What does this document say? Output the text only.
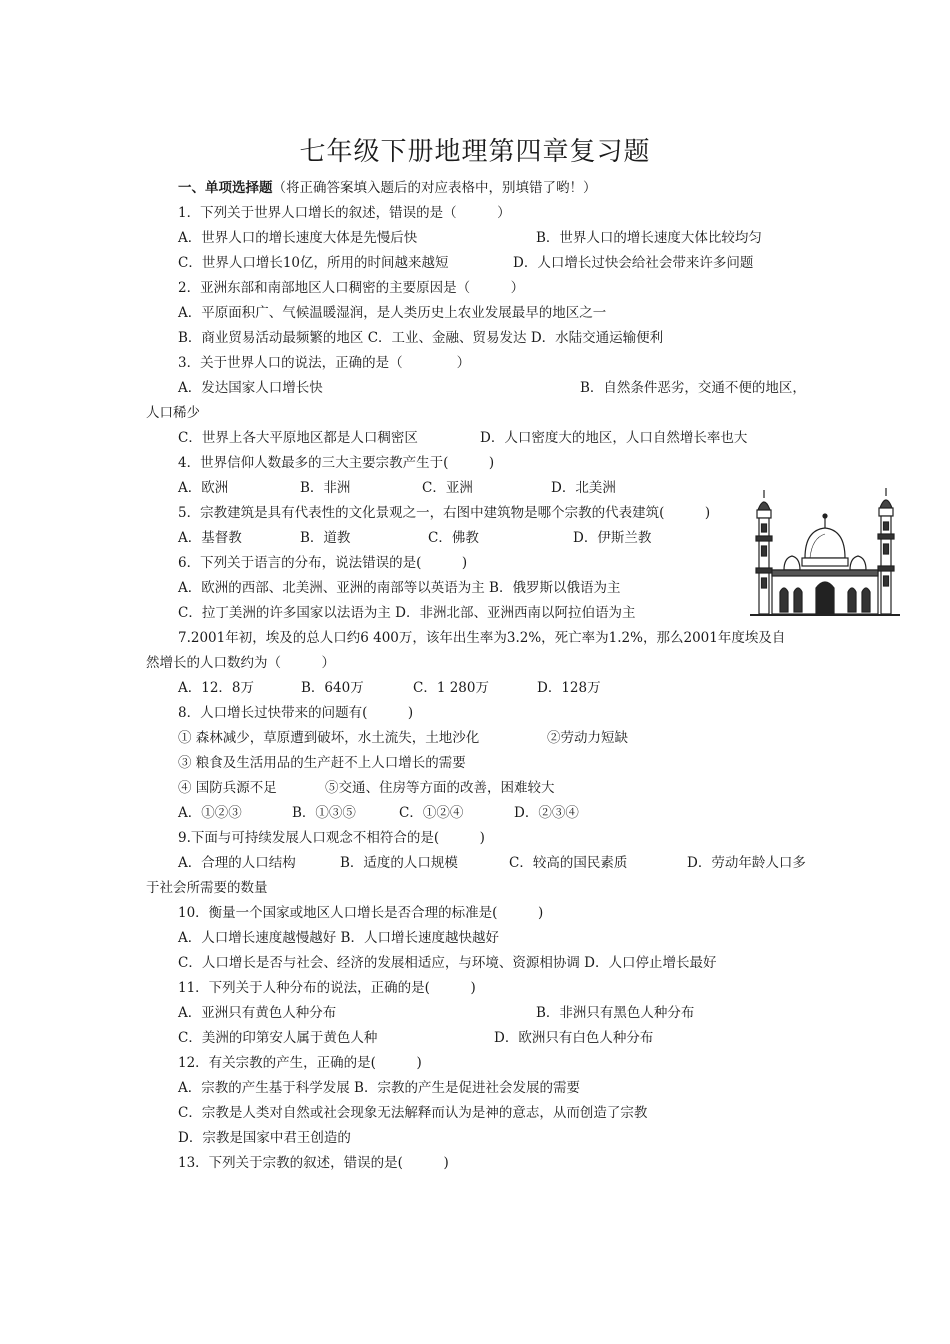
七年级下册地理第四章复习题
一、单项选择题（将正确答案填入题后的对应表格中，别填错了哟！）
1．下列关于世界人口增长的叙述，错误的是（　　　）
A．世界人口的增长速度大体是先慢后快	B．世界人口的增长速度大体比较均匀
C．世界人口增长10亿，所用的时间越来越短	D．人口增长过快会给社会带来许多问题
2．亚洲东部和南部地区人口稠密的主要原因是（　　　）
A．平原面积广、气候温暖湿润，是人类历史上农业发展最早的地区之一
B．商业贸易活动最频繁的地区 C．工业、金融、贸易发达 D．水陆交通运输便利
3．关于世界人口的说法，正确的是（　　　　）
A．发达国家人口增长快	B．自然条件恶劣，交通不便的地区，
人口稀少
C．世界上各大平原地区都是人口稠密区	D．人口密度大的地区，人口自然增长率也大
4．世界信仰人数最多的三大主要宗教产生于(　　　)
A．欧洲	B．非洲	C．亚洲	D．北美洲
5．宗教建筑是具有代表性的文化景观之一，右图中建筑物是哪个宗教的代表建筑(　　　)
A．基督教	B．道教	C．佛教	D．伊斯兰教
6．下列关于语言的分布，说法错误的是(　　　)
A．欧洲的西部、北美洲、亚洲的南部等以英语为主 B．俄罗斯以俄语为主
C．拉丁美洲的许多国家以法语为主 D．非洲北部、亚洲西南以阿拉伯语为主
7.2001年初，埃及的总人口约6 400万，该年出生率为3.2%，死亡率为1.2%，那么2001年度埃及自
然增长的人口数约为（　　　）
A．12．8万	B．640万	C．1 280万	D．128万
8．人口增长过快带来的问题有(　　　)
① 森林减少，草原遭到破坏，水土流失，土地沙化	②劳动力短缺
③ 粮食及生活用品的生产赶不上人口增长的需要
④ 国防兵源不足	⑤交通、住房等方面的改善，困难较大
A．①②③	B．①③⑤	C．①②④	D．②③④
9.下面与可持续发展人口观念不相符合的是(　　　)
A．合理的人口结构	B．适度的人口规模	C．较高的国民素质	D．劳动年龄人口多
于社会所需要的数量
10．衡量一个国家或地区人口增长是否合理的标准是(　　　)
A．人口增长速度越慢越好 B．人口增长速度越快越好
C．人口增长是否与社会、经济的发展相适应，与环境、资源相协调 D．人口停止增长最好
11．下列关于人种分布的说法，正确的是(　　　)
A．亚洲只有黄色人种分布	B．非洲只有黑色人种分布
C．美洲的印第安人属于黄色人种	D．欧洲只有白色人种分布
12．有关宗教的产生，正确的是(　　　)
A．宗教的产生基于科学发展 B．宗教的产生是促进社会发展的需要
C．宗教是人类对自然或社会现象无法解释而认为是神的意志，从而创造了宗教
D．宗教是国家中君王创造的
13．下列关于宗教的叙述，错误的是(　　　)
